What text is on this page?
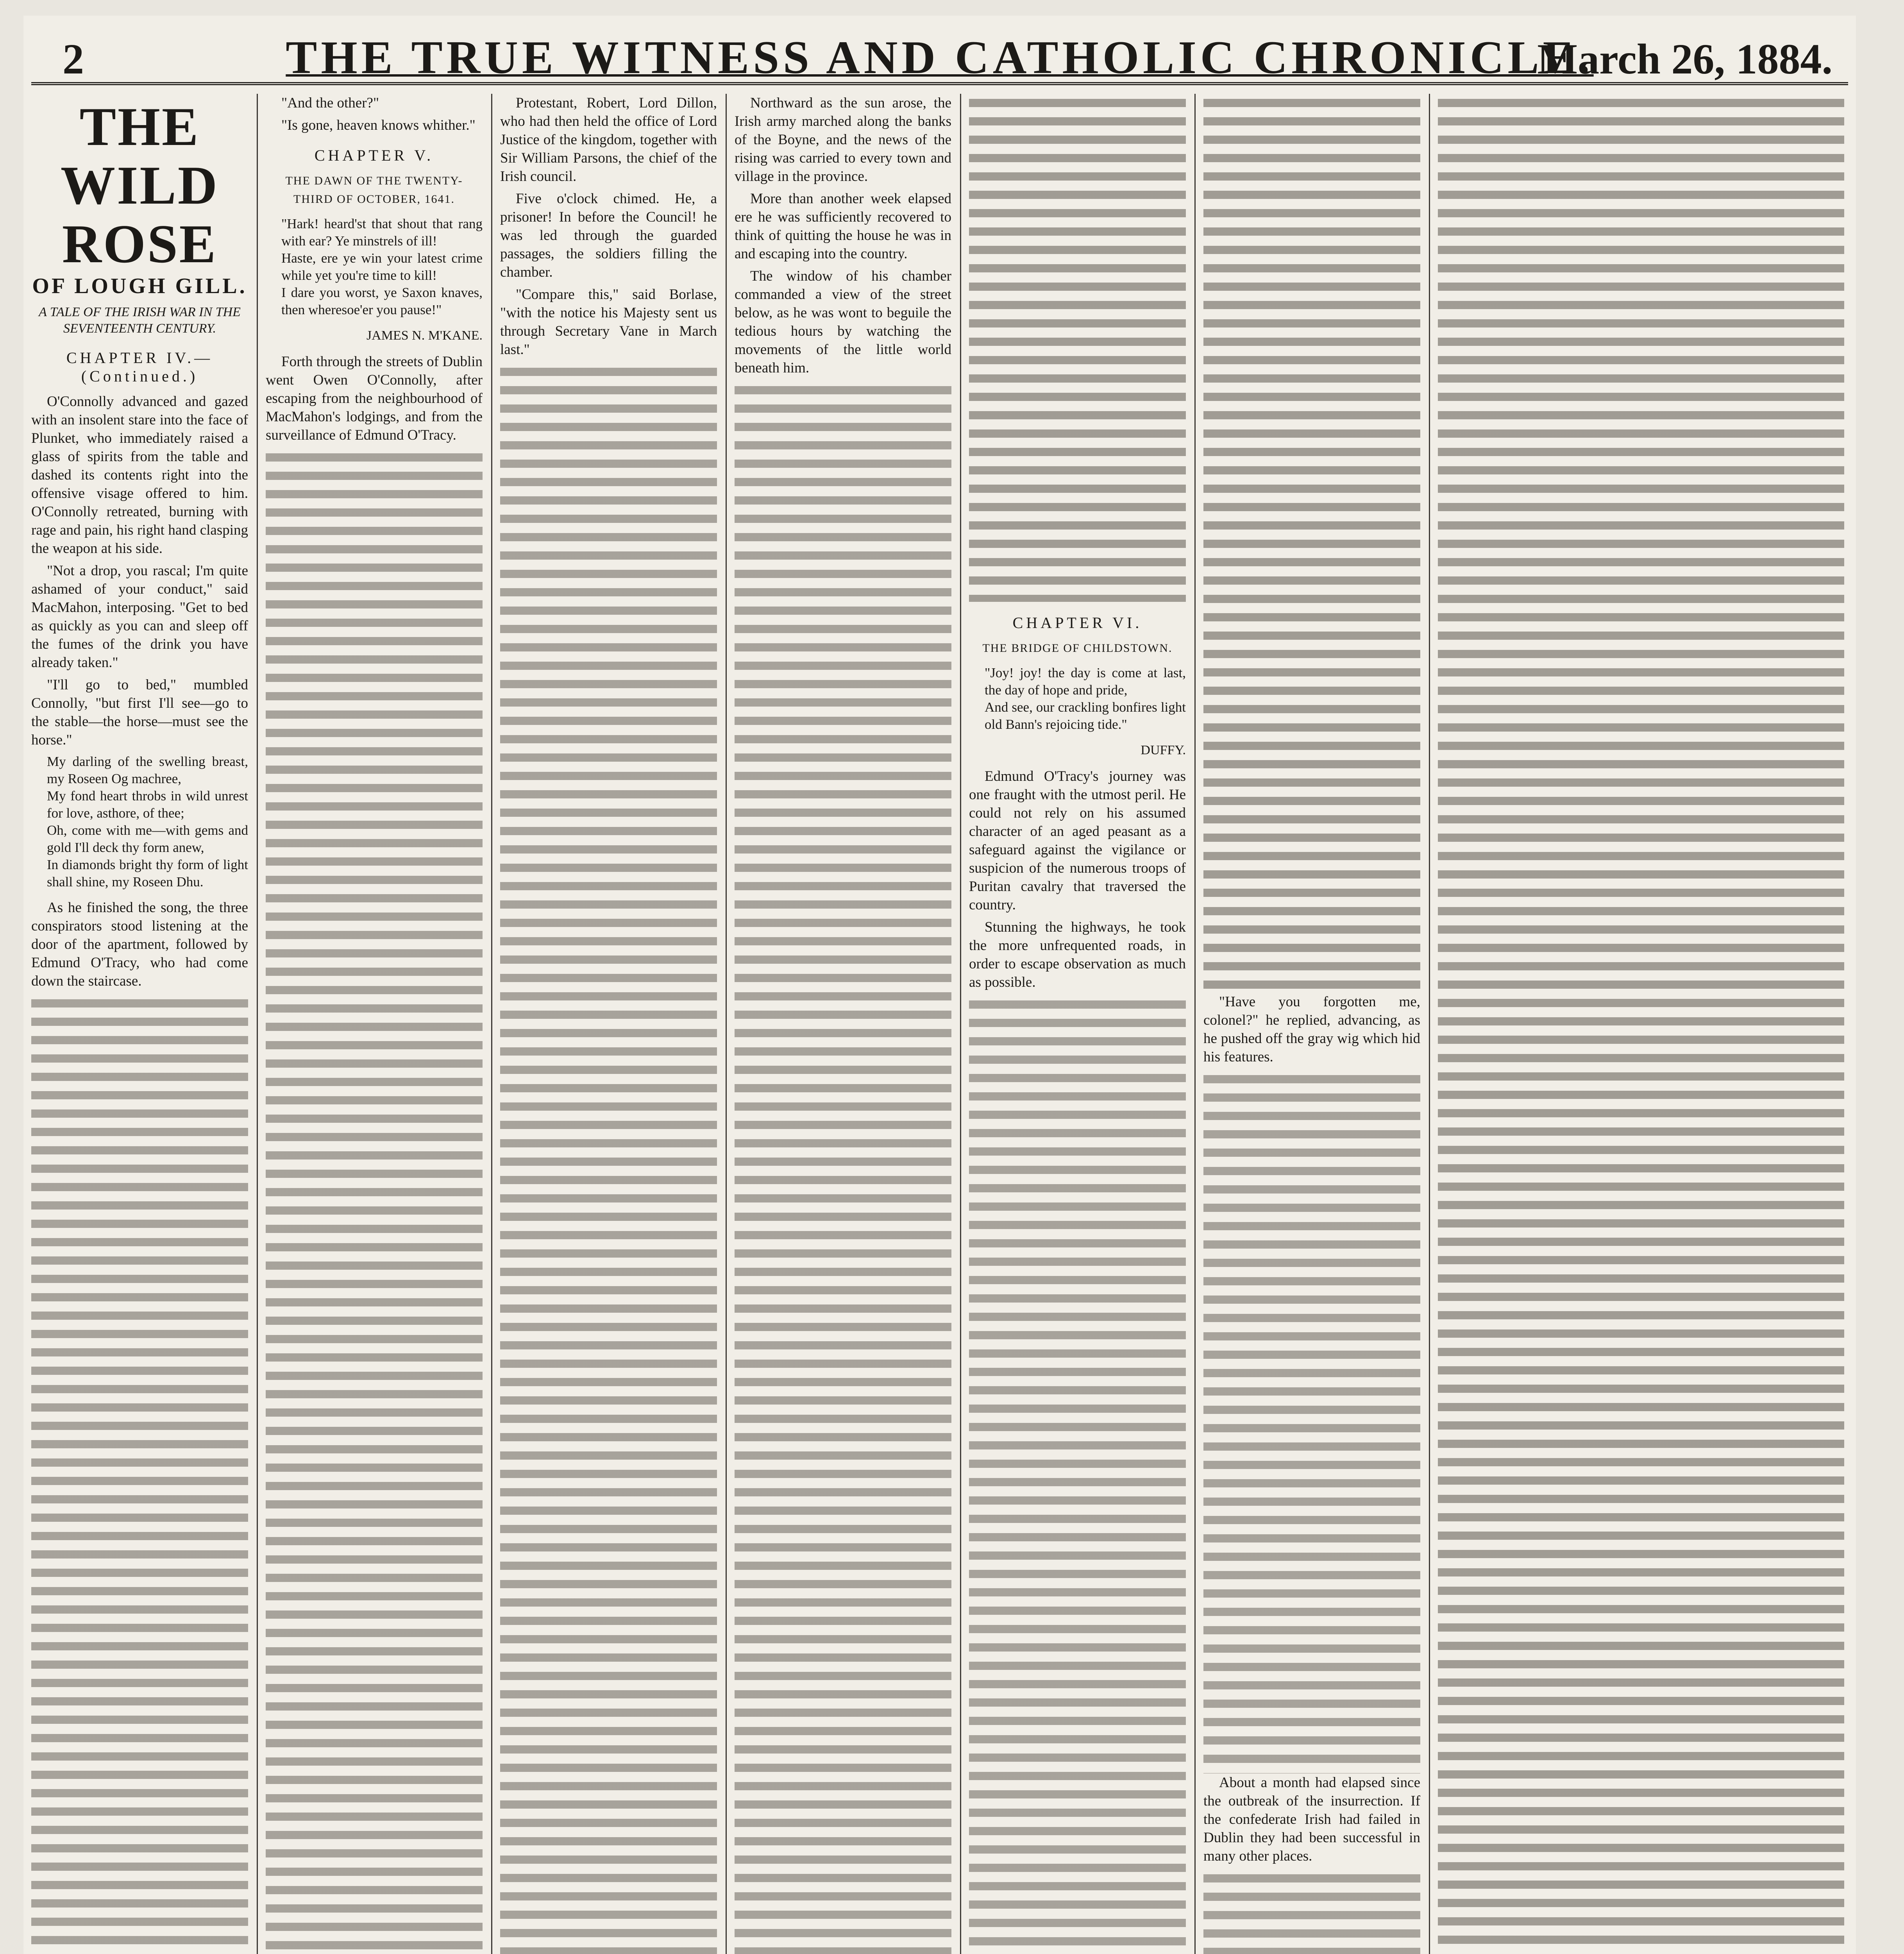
2	THE TRUE WITNESS AND CATHOLIC CHRONICLE.
March 26, 1884.
THE WILD ROSE
OF LOUGH GILL.
A TALE OF THE IRISH WAR IN THE SEVENTEENTH CENTURY.
CHAPTER IV.—(Continued.)

O'Connolly advanced and gazed with an insolent stare into the face of Plunket, who immediately raised a glass of spirits from the table and dashed its contents right into the offensive visage offered to him. O'Connolly retreated, burning with rage and pain, his right hand clasping the weapon at his side.

"Not a drop, you rascal; I'm quite ashamed of your conduct," said MacMahon, interposing. "Get to bed as quickly as you can and sleep off the fumes of the drink you have already taken."

"I'll go to bed," mumbled Connolly, "but first I'll see—go to the stable—the horse—must see the horse."

My darling of the swelling breast, my Roseen Og machree,
My fond heart throbs in wild unrest for love, asthore, of thee;
Oh, come with me—with gems and gold I'll deck thy form anew,
In diamonds bright thy form of light shall shine, my Roseen Dhu.

As he finished the song, the three conspirators stood listening at the door of the apartment, followed by Edmund O'Tracy, who had come down the staircase.

"And the other?"

"Is gone, heaven knows whither."

CHAPTER V.
THE DAWN OF THE TWENTY-THIRD OF OCTOBER, 1641.
"Hark! heard'st that shout that rang with ear? Ye minstrels of ill!
Haste, ere ye win your latest crime while yet you're time to kill!
I dare you worst, ye Saxon knaves, then wheresoe'er you pause!"
JAMES N. M'KANE.

Forth through the streets of Dublin went Owen O'Connolly, after escaping from the neighbourhood of MacMahon's lodgings, and from the surveillance of Edmund O'Tracy.

Protestant, Robert, Lord Dillon, who had then held the office of Lord Justice of the kingdom, together with Sir William Parsons, the chief of the Irish council.

Five o'clock chimed. He, a prisoner! In before the Council! he was led through the guarded passages, the soldiers filling the chamber.

"Compare this," said Borlase, "with the notice his Majesty sent us through Secretary Vane in March last."

Northward as the sun arose, the Irish army marched along the banks of the Boyne, and the news of the rising was carried to every town and village in the province.

More than another week elapsed ere he was sufficiently recovered to think of quitting the house he was in and escaping into the country.

The window of his chamber commanded a view of the street below, as he was wont to beguile the tedious hours by watching the movements of the little world beneath him.

CHAPTER VI.
THE BRIDGE OF CHILDSTOWN.
"Joy! joy! the day is come at last, the day of hope and pride,
And see, our crackling bonfires light old Bann's rejoicing tide."
DUFFY.

Edmund O'Tracy's journey was one fraught with the utmost peril. He could not rely on his assumed character of an aged peasant as a safeguard against the vigilance or suspicion of the numerous troops of Puritan cavalry that traversed the country.

Stunning the highways, he took the more unfrequented roads, in order to escape observation as much as possible.

"Have you forgotten me, colonel?" he replied, advancing, as he pushed off the gray wig which hid his features.

About a month had elapsed since the outbreak of the insurrection. If the confederate Irish had failed in Dublin they had been successful in many other places.
